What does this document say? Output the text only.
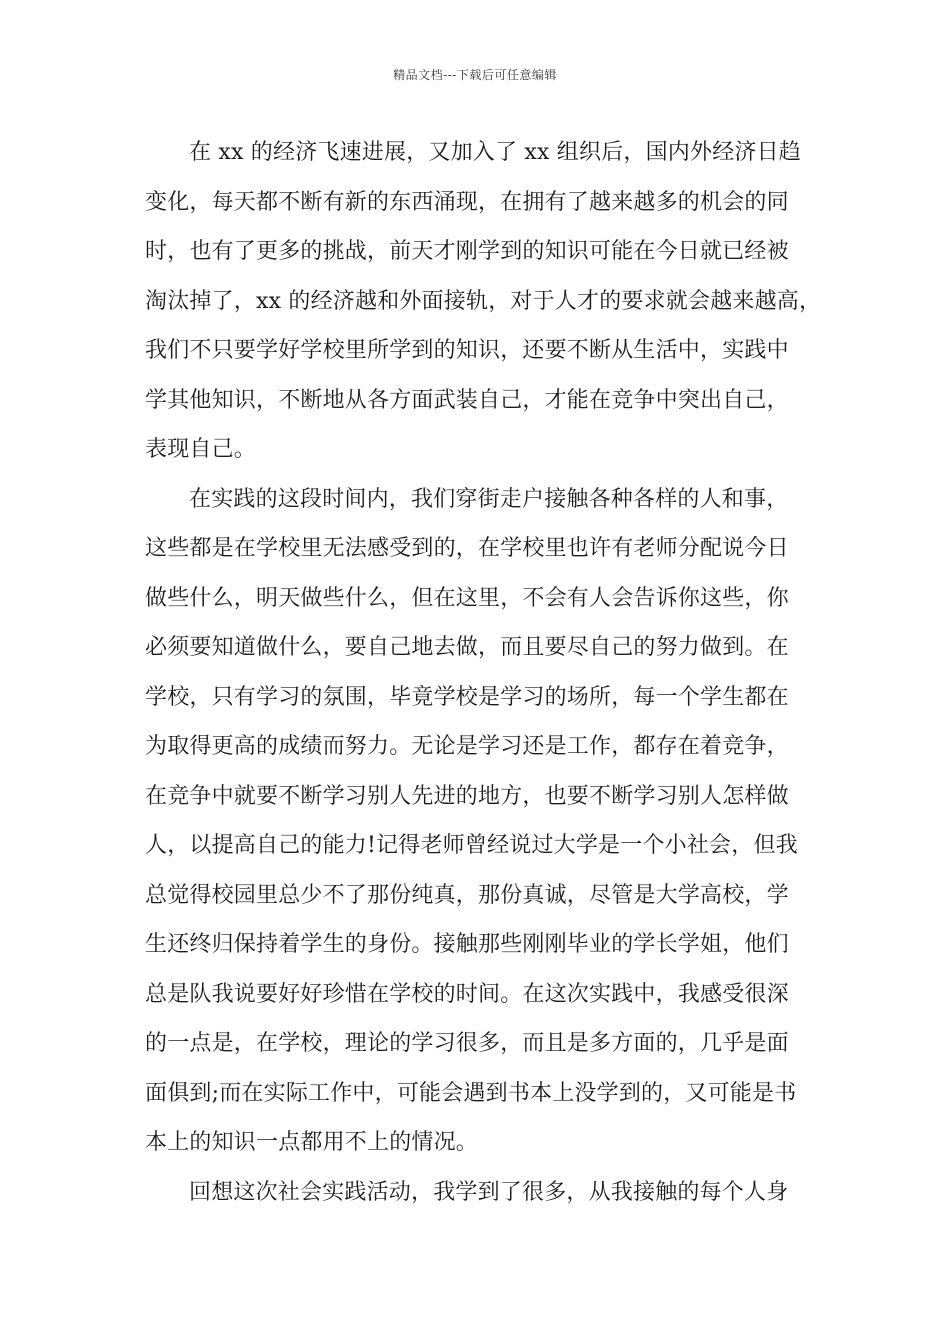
精品文档---下载后可任意编辑
在 xx 的经济飞速进展，又加入了 xx 组织后，国内外经济日趋
变化，每天都不断有新的东西涌现，在拥有了越来越多的机会的同
时，也有了更多的挑战，前天才刚学到的知识可能在今日就已经被
淘汰掉了，xx 的经济越和外面接轨，对于人才的要求就会越来越高，
我们不只要学好学校里所学到的知识，还要不断从生活中，实践中
学其他知识，不断地从各方面武装自己，才能在竞争中突出自己，
表现自己。
在实践的这段时间内，我们穿街走户接触各种各样的人和事，
这些都是在学校里无法感受到的，在学校里也许有老师分配说今日
做些什么，明天做些什么，但在这里，不会有人会告诉你这些，你
必须要知道做什么，要自己地去做，而且要尽自己的努力做到。在
学校，只有学习的氛围，毕竟学校是学习的场所，每一个学生都在
为取得更高的成绩而努力。无论是学习还是工作，都存在着竞争，
在竞争中就要不断学习别人先进的地方，也要不断学习别人怎样做
人，以提高自己的能力!记得老师曾经说过大学是一个小社会，但我
总觉得校园里总少不了那份纯真，那份真诚，尽管是大学高校，学
生还终归保持着学生的身份。接触那些刚刚毕业的学长学姐，他们
总是队我说要好好珍惜在学校的时间。在这次实践中，我感受很深
的一点是，在学校，理论的学习很多，而且是多方面的，几乎是面
面俱到;而在实际工作中，可能会遇到书本上没学到的，又可能是书
本上的知识一点都用不上的情况。
回想这次社会实践活动，我学到了很多，从我接触的每个人身
